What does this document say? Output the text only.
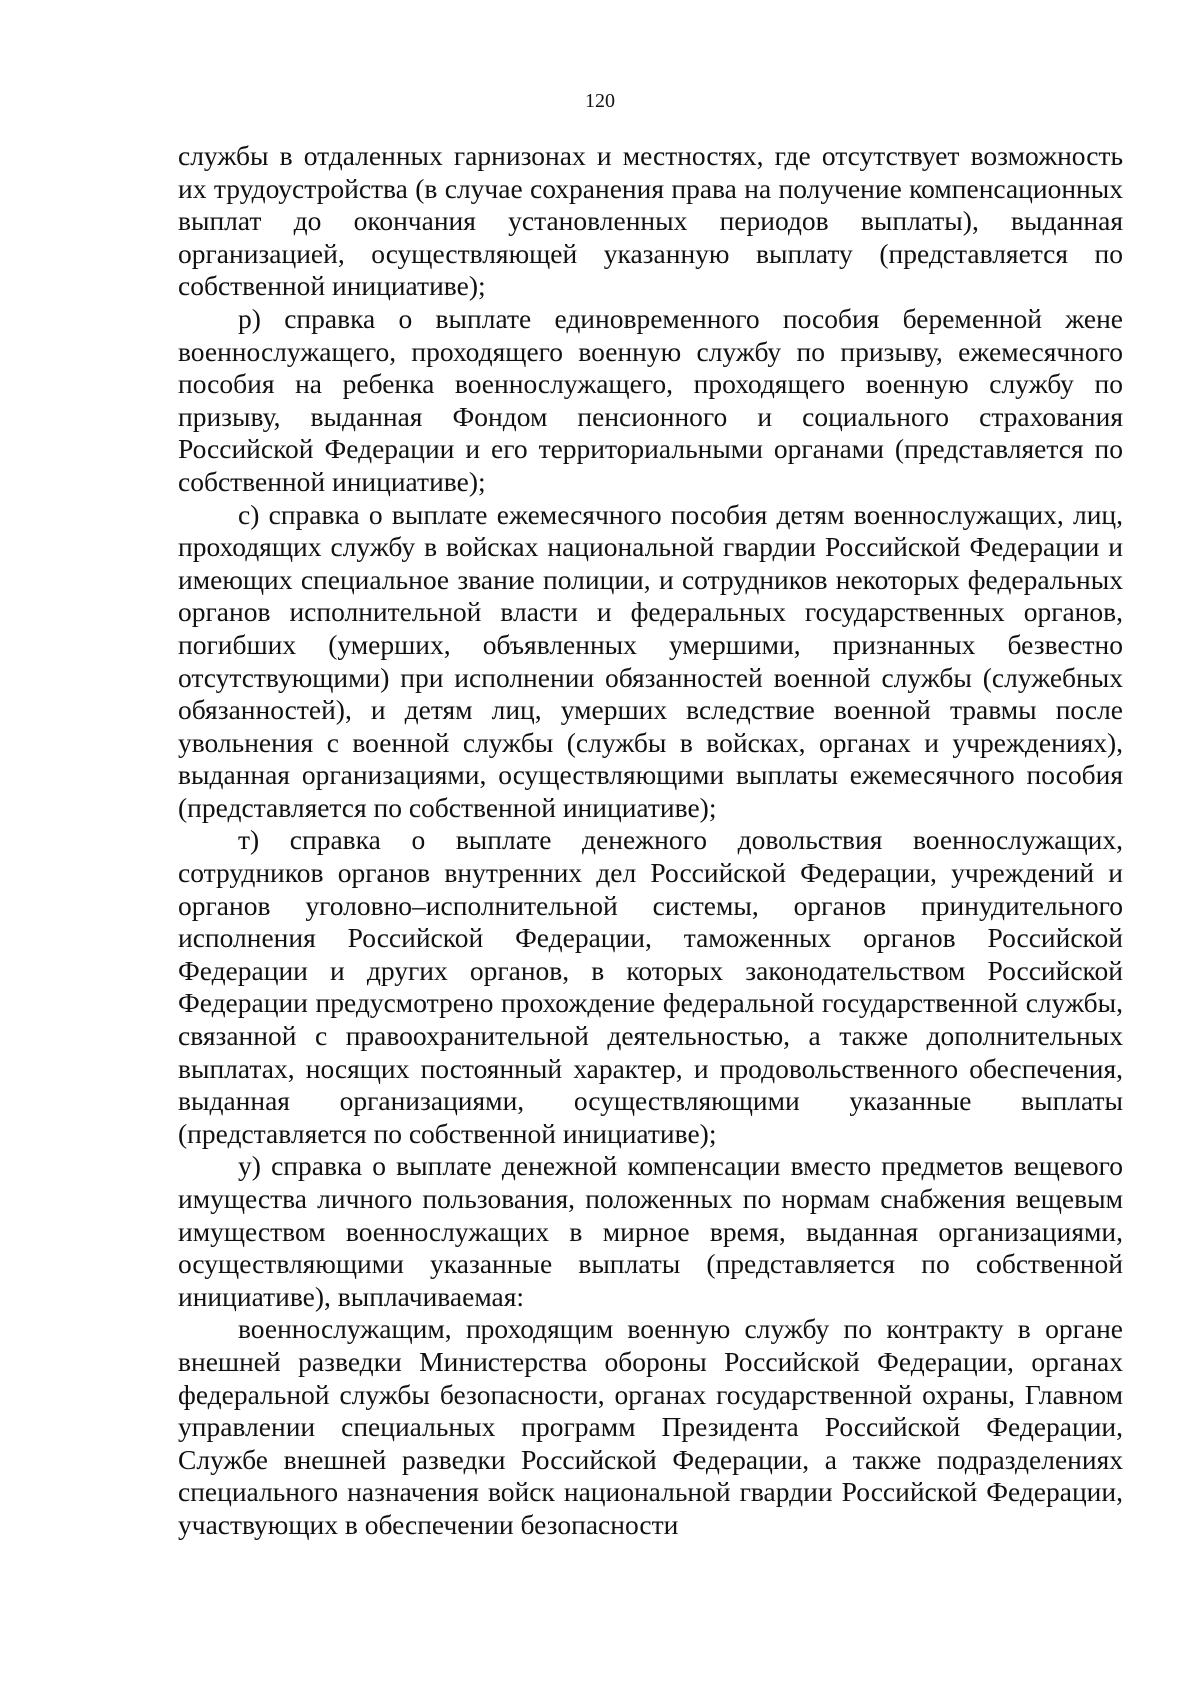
120

службы в отдаленных гарнизонах и местностях, где отсутствует возможность их трудоустройства (в случае сохранения права на получение компенсационных выплат до окончания установленных периодов выплаты), выданная организацией, осуществляющей указанную выплату (представляется по собственной инициативе);

р) справка о выплате единовременного пособия беременной жене военнослужащего, проходящего военную службу по призыву, ежемесячного пособия на ребенка военнослужащего, проходящего военную службу по призыву, выданная Фондом пенсионного и социального страхования Российской Федерации и его территориальными органами (представляется по собственной инициативе);

с) справка о выплате ежемесячного пособия детям военнослужащих, лиц, проходящих службу в войсках национальной гвардии Российской Федерации и имеющих специальное звание полиции, и сотрудников некоторых федеральных органов исполнительной власти и федеральных государственных органов, погибших (умерших, объявленных умершими, признанных безвестно отсутствующими) при исполнении обязанностей военной службы (служебных обязанностей), и детям лиц, умерших вследствие военной травмы после увольнения с военной службы (службы в войсках, органах и учреждениях), выданная организациями, осуществляющими выплаты ежемесячного пособия (представляется по собственной инициативе);

т) справка о выплате денежного довольствия военнослужащих, сотрудников органов внутренних дел Российской Федерации, учреждений и органов уголовно–исполнительной системы, органов принудительного исполнения Российской Федерации, таможенных органов Российской Федерации и других органов, в которых законодательством Российской Федерации предусмотрено прохождение федеральной государственной службы, связанной с правоохранительной деятельностью, а также дополнительных выплатах, носящих постоянный характер, и продовольственного обеспечения, выданная организациями, осуществляющими указанные выплаты (представляется по собственной инициативе);

у) справка о выплате денежной компенсации вместо предметов вещевого имущества личного пользования, положенных по нормам снабжения вещевым имуществом военнослужащих в мирное время, выданная организациями, осуществляющими указанные выплаты (представляется по собственной инициативе), выплачиваемая:

военнослужащим, проходящим военную службу по контракту в органе внешней разведки Министерства обороны Российской Федерации, органах федеральной службы безопасности, органах государственной охраны, Главном управлении специальных программ Президента Российской Федерации, Службе внешней разведки Российской Федерации, а также подразделениях специального назначения войск национальной гвардии Российской Федерации, участвующих в обеспечении безопасности
